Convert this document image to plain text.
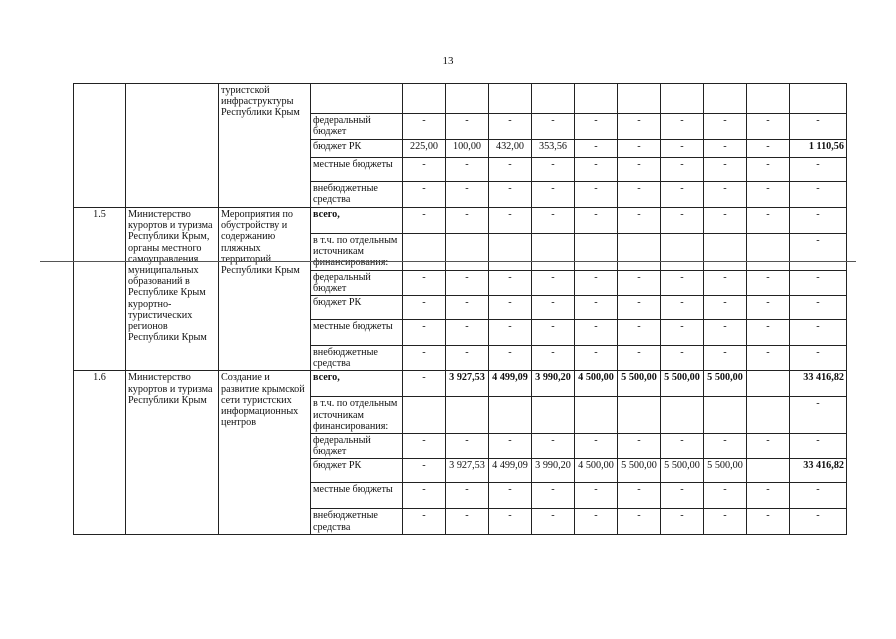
13
		туристской инфраструктуры Республики Крым											
			федеральный бюджет	-	-	-	-	-	-	-	-	-	-
			бюджет РК	225,00	100,00	432,00	353,56	-	-	-	-	-	1 110,56
			местные бюджеты	-	-	-	-	-	-	-	-	-	-
			внебюджетные средства	-	-	-	-	-	-	-	-	-	-
1.5	Министерство курортов и туризма Республики Крым, органы местного самоуправления муниципальных образований в Республике Крым курортно-туристических регионов Республики Крым	Мероприятия по обустройству и содержанию пляжных территорий Республики Крым	всего,	-	-	-	-	-	-	-	-	-	-
			в т.ч. по отдельным источникам финансирования:										-
			федеральный бюджет	-	-	-	-	-	-	-	-	-	-
			бюджет РК	-	-	-	-	-	-	-	-	-	-
			местные бюджеты	-	-	-	-	-	-	-	-	-	-
			внебюджетные средства	-	-	-	-	-	-	-	-	-	-
1.6	Министерство курортов и туризма Республики Крым	Создание и развитие крымской сети туристских информационных центров	всего,	-	3 927,53	4 499,09	3 990,20	4 500,00	5 500,00	5 500,00	5 500,00		33 416,82
			в т.ч. по отдельным источникам финансирования:										-
			федеральный бюджет	-	-	-	-	-	-	-	-	-	-
			бюджет РК	-	3 927,53	4 499,09	3 990,20	4 500,00	5 500,00	5 500,00	5 500,00		33 416,82
			местные бюджеты	-	-	-	-	-	-	-	-	-	-
			внебюджетные средства	-	-	-	-	-	-	-	-	-	-
